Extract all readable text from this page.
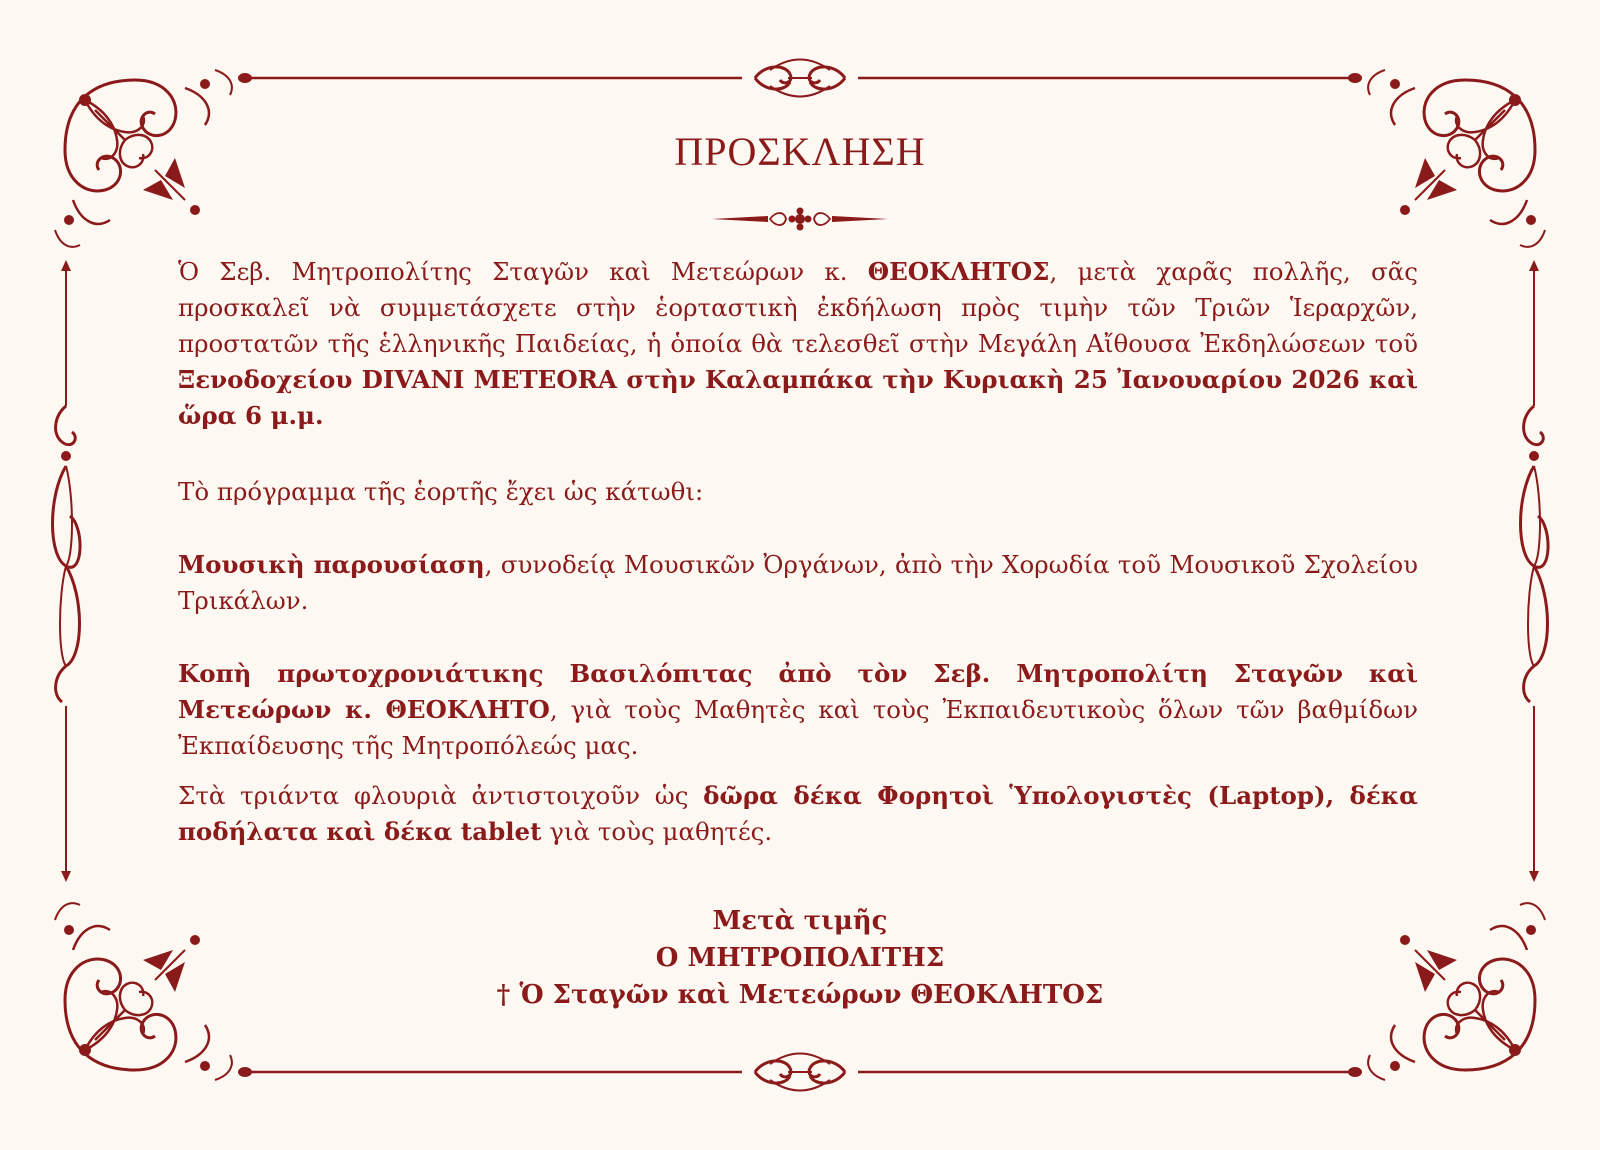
ΠΡΟΣΚΛΗΣΗ

Ὁ Σεβ. Μητροπολίτης Σταγῶν καὶ Μετεώρων κ. ΘΕΟΚΛΗΤΟΣ, μετὰ χαρᾶς πολλῆς, σᾶς προσκαλεῖ νὰ συμμετάσχετε στὴν ἑορταστικὴ ἐκδήλωση πρὸς τιμὴν τῶν Τριῶν Ἱεραρχῶν, προστατῶν τῆς ἑλληνικῆς Παιδείας, ἡ ὁποία θὰ τελεσθεῖ στὴν Μεγάλη Αἴθουσα Ἐκδηλώσεων τοῦ Ξενοδοχείου DIVANI METEORA στὴν Καλαμπάκα τὴν Κυριακὴ 25 Ἰανουαρίου 2026 καὶ ὥρα 6 μ.μ.

Τὸ πρόγραμμα τῆς ἑορτῆς ἔχει ὡς κάτωθι:

Μουσικὴ παρουσίαση, συνοδείᾳ Μουσικῶν Ὀργάνων, ἀπὸ τὴν Χορωδία τοῦ Μουσικοῦ Σχολείου Τρικάλων.

Κοπὴ πρωτοχρονιάτικης Βασιλόπιτας ἀπὸ τὸν Σεβ. Μητροπολίτη Σταγῶν καὶ Μετεώρων κ. ΘΕΟΚΛΗΤΟ, γιὰ τοὺς Μαθητὲς καὶ τοὺς Ἐκπαιδευτικοὺς ὅλων τῶν βαθμίδων Ἐκπαίδευσης τῆς Μητροπόλεώς μας.

Στὰ τριάντα φλουριὰ ἀντιστοιχοῦν ὡς δῶρα δέκα Φορητοὶ Ὑπολογιστὲς (Laptop), δέκα ποδήλατα καὶ δέκα tablet γιὰ τοὺς μαθητές.

Μετὰ τιμῆς
Ο ΜΗΤΡΟΠΟΛΙΤΗΣ
† Ὁ Σταγῶν καὶ Μετεώρων ΘΕΟΚΛΗΤΟΣ
